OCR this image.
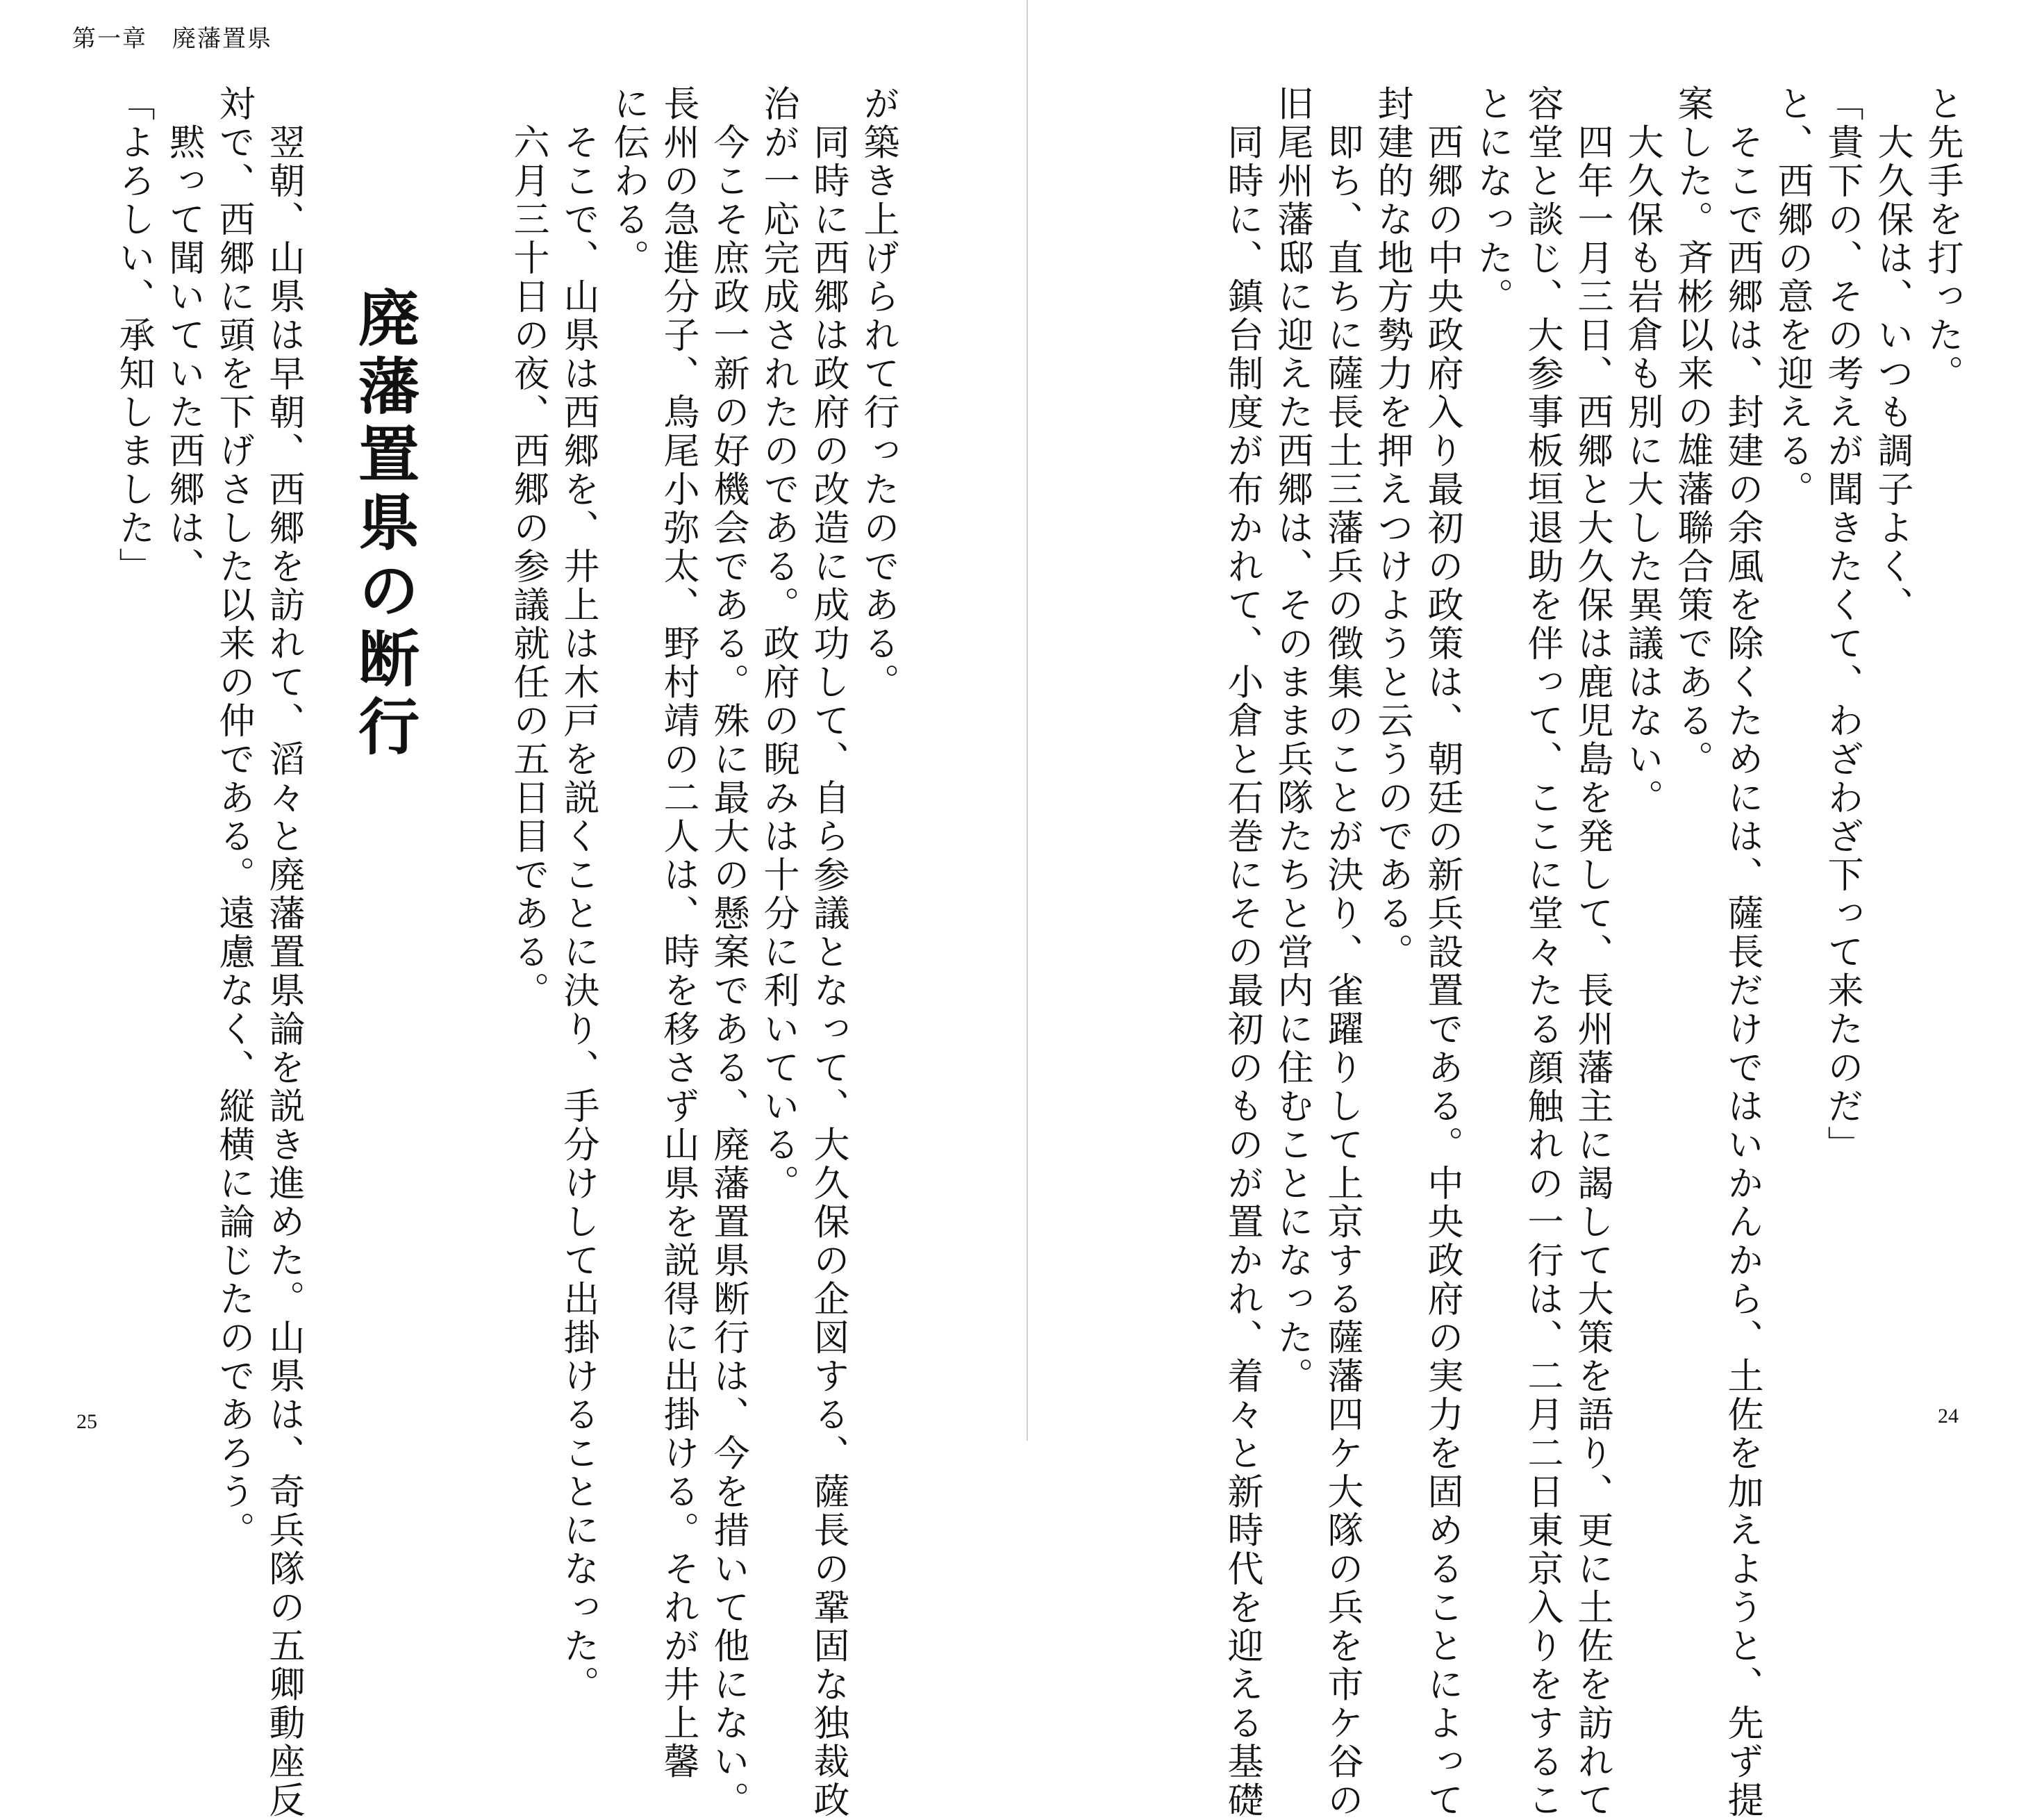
第一章　廃藩置県
が築き上げられて行ったのである。
　同時に西郷は政府の改造に成功して、自ら参議となって、大久保の企図する、薩長の鞏固な独裁政
治が一応完成されたのである。政府の睨みは十分に利いている。
　今こそ庶政一新の好機会である。殊に最大の懸案である、廃藩置県断行は、今を措いて他にない。
長州の急進分子、鳥尾小弥太、野村靖の二人は、時を移さず山県を説得に出掛ける。それが井上馨
に伝わる。
　そこで、山県は西郷を、井上は木戸を説くことに決り、手分けして出掛けることになった。
　六月三十日の夜、西郷の参議就任の五日目である。
廃藩置県の断行
　翌朝、山県は早朝、西郷を訪れて、滔々と廃藩置県論を説き進めた。山県は、奇兵隊の五卿動座反
対で、西郷に頭を下げさした以来の仲である。遠慮なく、縦横に論じたのであろう。
　黙って聞いていた西郷は、
「よろしい、承知しました」
25
と先手を打った。
　大久保は、いつも調子よく、
「貴下の、その考えが聞きたくて、わざわざ下って来たのだ」
と、西郷の意を迎える。
　そこで西郷は、封建の余風を除くためには、薩長だけではいかんから、土佐を加えようと、先ず提
案した。斉彬以来の雄藩聯合策である。
　大久保も岩倉も別に大した異議はない。
　四年一月三日、西郷と大久保は鹿児島を発して、長州藩主に謁して大策を語り、更に土佐を訪れて
容堂と談じ、大参事板垣退助を伴って、ここに堂々たる顔触れの一行は、二月二日東京入りをするこ
とになった。
　西郷の中央政府入り最初の政策は、朝廷の新兵設置である。中央政府の実力を固めることによって
封建的な地方勢力を押えつけようと云うのである。
　即ち、直ちに薩長土三藩兵の徴集のことが決り、雀躍りして上京する薩藩四ケ大隊の兵を市ケ谷の
旧尾州藩邸に迎えた西郷は、そのまま兵隊たちと営内に住むことになった。
　同時に、鎮台制度が布かれて、小倉と石巻にその最初のものが置かれ、着々と新時代を迎える基礎	24
